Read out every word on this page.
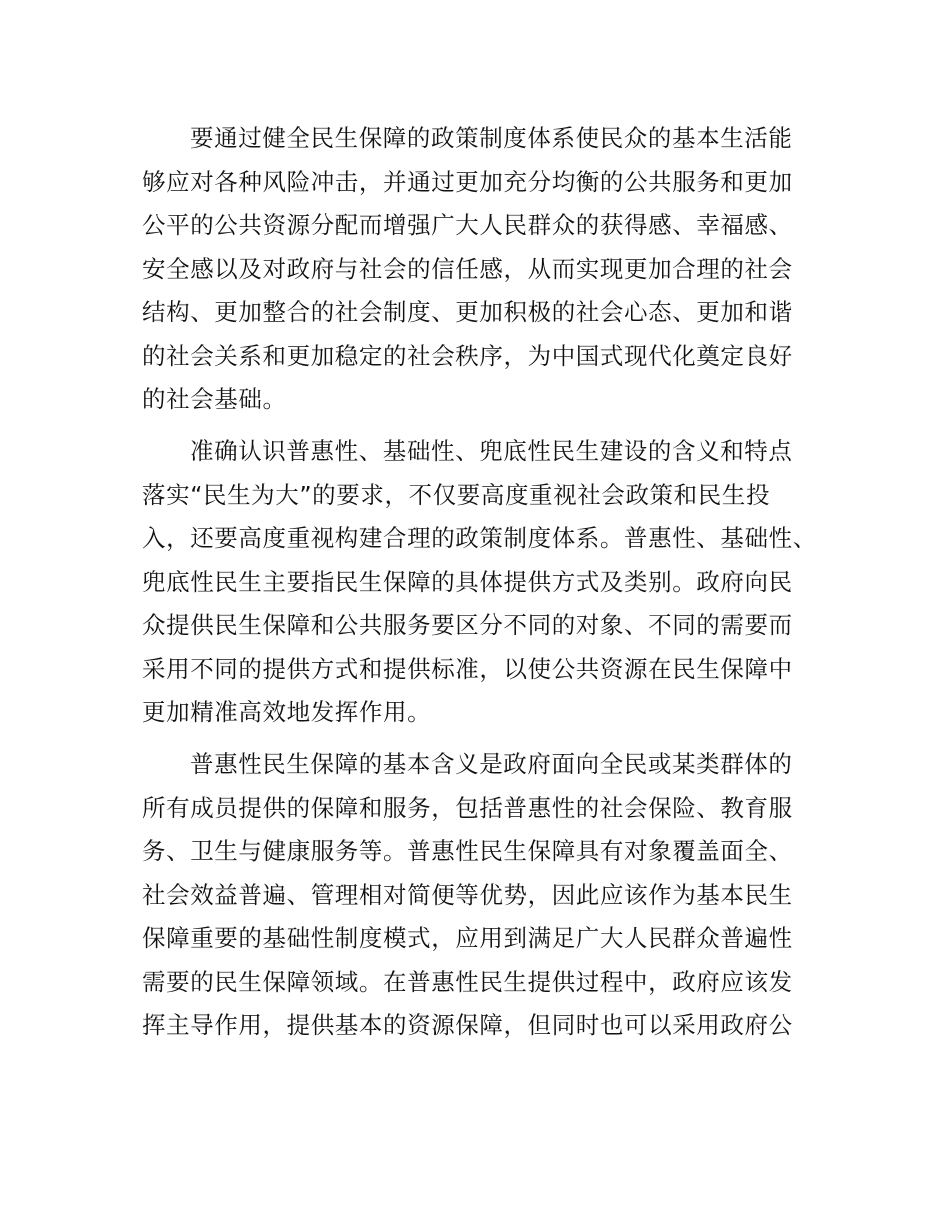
要通过健全民生保障的政策制度体系使民众的基本生活能
够应对各种风险冲击，并通过更加充分均衡的公共服务和更加
公平的公共资源分配而增强广大人民群众的获得感、幸福感、
安全感以及对政府与社会的信任感，从而实现更加合理的社会
结构、更加整合的社会制度、更加积极的社会心态、更加和谐
的社会关系和更加稳定的社会秩序，为中国式现代化奠定良好
的社会基础。
准确认识普惠性、基础性、兜底性民生建设的含义和特点
落实“民生为大”的要求，不仅要高度重视社会政策和民生投
入，还要高度重视构建合理的政策制度体系。普惠性、基础性、
兜底性民生主要指民生保障的具体提供方式及类别。政府向民
众提供民生保障和公共服务要区分不同的对象、不同的需要而
采用不同的提供方式和提供标准，以使公共资源在民生保障中
更加精准高效地发挥作用。
普惠性民生保障的基本含义是政府面向全民或某类群体的
所有成员提供的保障和服务，包括普惠性的社会保险、教育服
务、卫生与健康服务等。普惠性民生保障具有对象覆盖面全、
社会效益普遍、管理相对简便等优势，因此应该作为基本民生
保障重要的基础性制度模式，应用到满足广大人民群众普遍性
需要的民生保障领域。在普惠性民生提供过程中，政府应该发
挥主导作用，提供基本的资源保障，但同时也可以采用政府公
